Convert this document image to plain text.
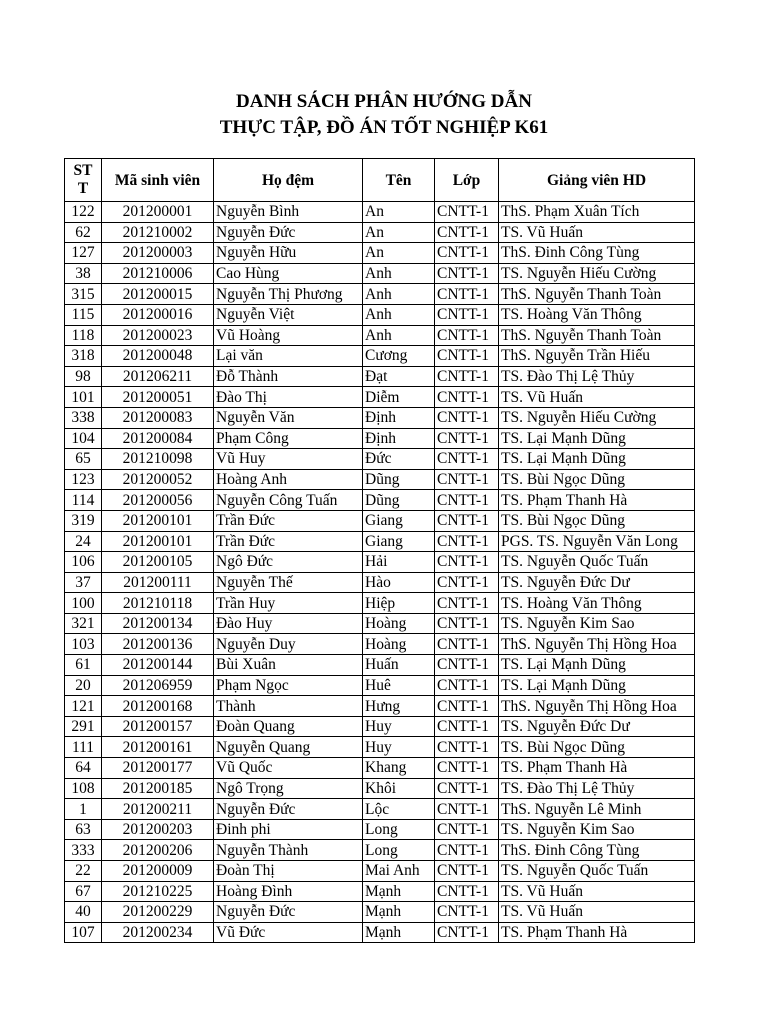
DANH SÁCH PHÂN HƯỚNG DẪN
THỰC TẬP, ĐỒ ÁN TỐT NGHIỆP K61
ST
T	Mã sinh viên	Họ đệm	Tên	Lớp	Giảng viên HD
122	201200001	Nguyễn Bình	An	CNTT-1	ThS. Phạm Xuân Tích
62	201210002	Nguyễn Đức	An	CNTT-1	TS. Vũ Huấn
127	201200003	Nguyễn Hữu	An	CNTT-1	ThS. Đinh Công Tùng
38	201210006	Cao Hùng	Anh	CNTT-1	TS. Nguyễn Hiếu Cường
315	201200015	Nguyễn Thị Phương	Anh	CNTT-1	ThS. Nguyễn Thanh Toàn
115	201200016	Nguyễn Việt	Anh	CNTT-1	TS. Hoàng Văn Thông
118	201200023	Vũ Hoàng	Anh	CNTT-1	ThS. Nguyễn Thanh Toàn
318	201200048	Lại văn	Cương	CNTT-1	ThS. Nguyễn Trần Hiếu
98	201206211	Đỗ Thành	Đạt	CNTT-1	TS. Đào Thị Lệ Thủy
101	201200051	Đào Thị	Diễm	CNTT-1	TS. Vũ Huấn
338	201200083	Nguyễn Văn	Định	CNTT-1	TS. Nguyễn Hiếu Cường
104	201200084	Phạm Công	Định	CNTT-1	TS. Lại Mạnh Dũng
65	201210098	Vũ Huy	Đức	CNTT-1	TS. Lại Mạnh Dũng
123	201200052	Hoàng Anh	Dũng	CNTT-1	TS. Bùi Ngọc Dũng
114	201200056	Nguyễn Công Tuấn	Dũng	CNTT-1	TS. Phạm Thanh Hà
319	201200101	Trần Đức	Giang	CNTT-1	TS. Bùi Ngọc Dũng
24	201200101	Trần Đức	Giang	CNTT-1	PGS. TS. Nguyễn Văn Long
106	201200105	Ngô Đức	Hải	CNTT-1	TS. Nguyễn Quốc Tuấn
37	201200111	Nguyễn Thế	Hào	CNTT-1	TS. Nguyễn Đức Dư
100	201210118	Trần Huy	Hiệp	CNTT-1	TS. Hoàng Văn Thông
321	201200134	Đào Huy	Hoàng	CNTT-1	TS. Nguyễn Kim Sao
103	201200136	Nguyễn Duy	Hoàng	CNTT-1	ThS. Nguyễn Thị Hồng Hoa
61	201200144	Bùi Xuân	Huấn	CNTT-1	TS. Lại Mạnh Dũng
20	201206959	Phạm Ngọc	Huê	CNTT-1	TS. Lại Mạnh Dũng
121	201200168	Thành	Hưng	CNTT-1	ThS. Nguyễn Thị Hồng Hoa
291	201200157	Đoàn Quang	Huy	CNTT-1	TS. Nguyễn Đức Dư
111	201200161	Nguyễn Quang	Huy	CNTT-1	TS. Bùi Ngọc Dũng
64	201200177	Vũ Quốc	Khang	CNTT-1	TS. Phạm Thanh Hà
108	201200185	Ngô Trọng	Khôi	CNTT-1	TS. Đào Thị Lệ Thủy
1	201200211	Nguyễn Đức	Lộc	CNTT-1	ThS. Nguyễn Lê Minh
63	201200203	Đinh phi	Long	CNTT-1	TS. Nguyễn Kim Sao
333	201200206	Nguyễn Thành	Long	CNTT-1	ThS. Đinh Công Tùng
22	201200009	Đoàn Thị	Mai Anh	CNTT-1	TS. Nguyễn Quốc Tuấn
67	201210225	Hoàng Đình	Mạnh	CNTT-1	TS. Vũ Huấn
40	201200229	Nguyễn Đức	Mạnh	CNTT-1	TS. Vũ Huấn
107	201200234	Vũ Đức	Mạnh	CNTT-1	TS. Phạm Thanh Hà
